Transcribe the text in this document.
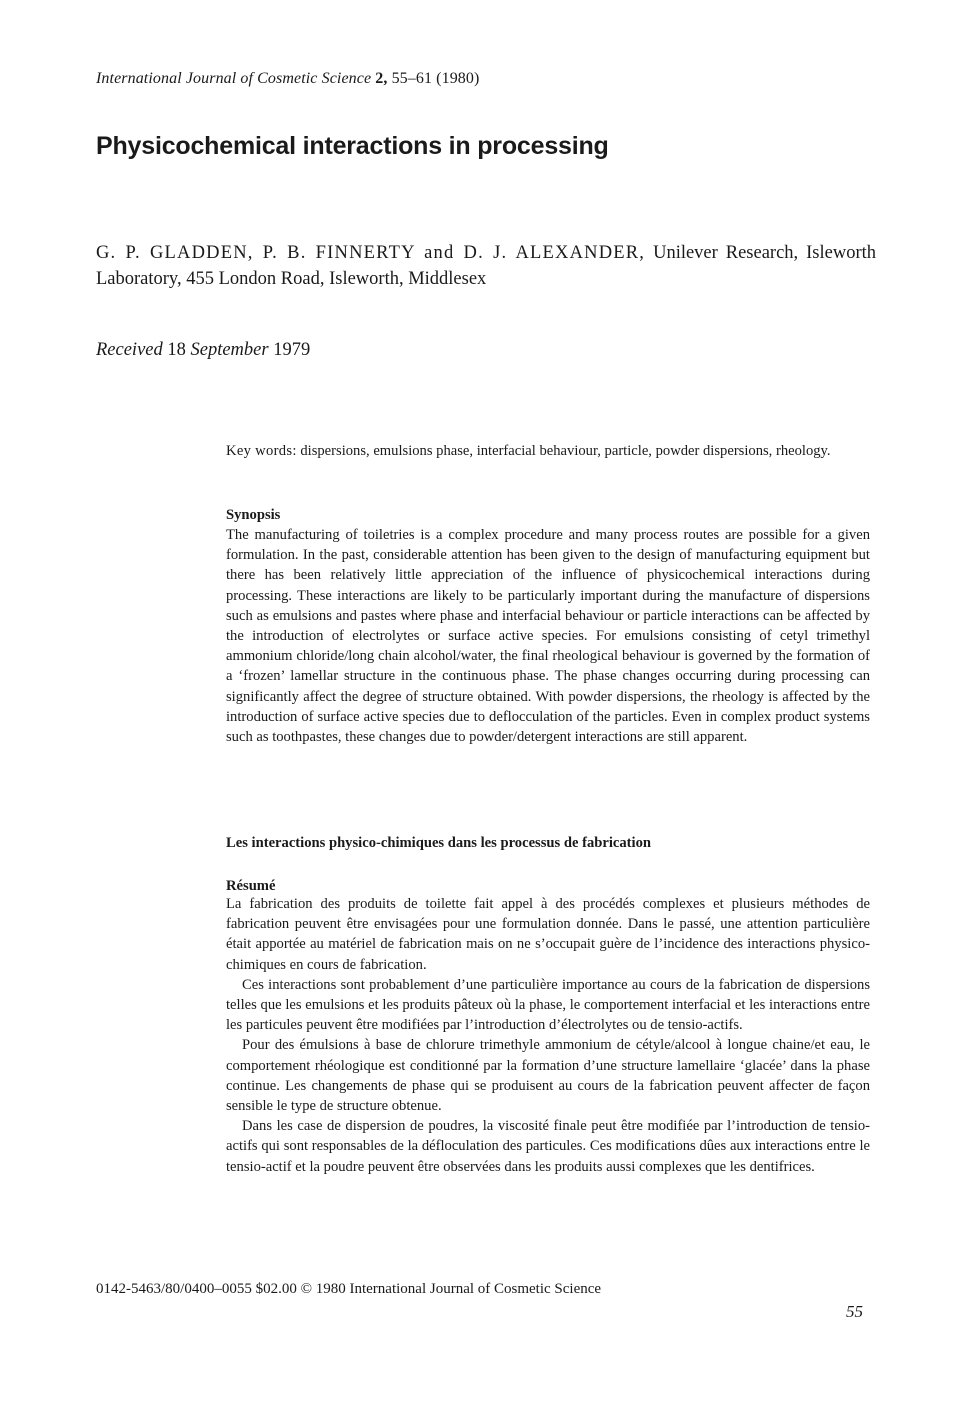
International Journal of Cosmetic Science 2, 55–61 (1980)
Physicochemical interactions in processing
G. P. GLADDEN, P. B. FINNERTY and D. J. ALEXANDER, Unilever Research, Isleworth Laboratory, 455 London Road, Isleworth, Middlesex
Received 18 September 1979
Key words: dispersions, emulsions phase, interfacial behaviour, particle, powder dispersions, rheology.
Synopsis
The manufacturing of toiletries is a complex procedure and many process routes are possible for a given formulation. In the past, considerable attention has been given to the design of manufacturing equipment but there has been relatively little appreciation of the influence of physicochemical interactions during processing. These interactions are likely to be particularly important during the manufacture of dispersions such as emulsions and pastes where phase and interfacial behaviour or particle interactions can be affected by the introduction of electrolytes or surface active species. For emulsions consisting of cetyl trimethyl ammonium chloride/long chain alcohol/water, the final rheological behaviour is governed by the formation of a ‘frozen’ lamellar structure in the continuous phase. The phase changes occurring during processing can significantly affect the degree of structure obtained. With powder dispersions, the rheology is affected by the introduction of surface active species due to deflocculation of the particles. Even in complex product systems such as toothpastes, these changes due to powder/detergent interactions are still apparent.
Les interactions physico-chimiques dans les processus de fabrication
Résumé

La fabrication des produits de toilette fait appel à des procédés complexes et plusieurs méthodes de fabrication peuvent être envisagées pour une formulation donnée. Dans le passé, une attention particulière était apportée au matériel de fabrication mais on ne s’occupait guère de l’incidence des interactions physico-chimiques en cours de fabrication.

Ces interactions sont probablement d’une particulière importance au cours de la fabrication de dispersions telles que les emulsions et les produits pâteux où la phase, le comportement interfacial et les interactions entre les particules peuvent être modifiées par l’introduction d’électrolytes ou de tensio-actifs.

Pour des émulsions à base de chlorure trimethyle ammonium de cétyle/alcool à longue chaine/et eau, le comportement rhéologique est conditionné par la formation d’une structure lamellaire ‘glacée’ dans la phase continue. Les changements de phase qui se produisent au cours de la fabrication peuvent affecter de façon sensible le type de structure obtenue.

Dans les case de dispersion de poudres, la viscosité finale peut être modifiée par l’introduction de tensio-actifs qui sont responsables de la défloculation des particules. Ces modifications dûes aux interactions entre le tensio-actif et la poudre peuvent être observées dans les produits aussi complexes que les dentifrices.

0142-5463/80/0400–0055 $02.00 © 1980 International Journal of Cosmetic Science
55
